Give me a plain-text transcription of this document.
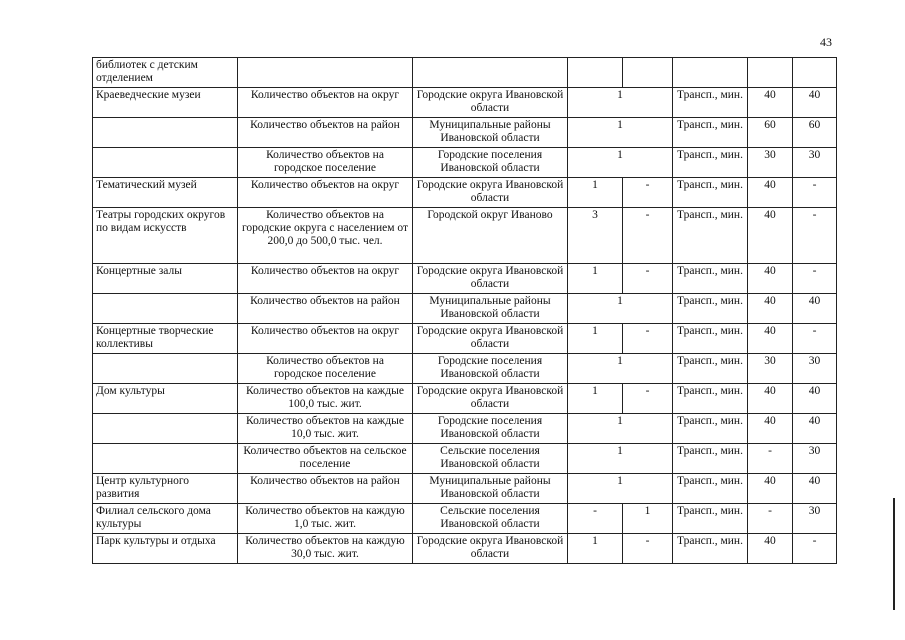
43
библиотек с детским отделением							
Краеведческие музеи	Количество объектов на округ	Городские округа Ивановской области	1		Трансп., мин.	40	40
	Количество объектов на район	Муниципальные районы Ивановской области	1		Трансп., мин.	60	60
	Количество объектов на городское поселение	Городские поселения Ивановской области	1		Трансп., мин.	30	30
Тематический музей	Количество объектов на округ	Городские округа Ивановской области	1	-	Трансп., мин.	40	-
Театры городских округов по видам искусств	Количество объектов на городские округа с населением от 200,0 до 500,0 тыс. чел.	Городской округ Иваново	3	-	Трансп., мин.	40	-
Концертные залы	Количество объектов на округ	Городские округа Ивановской области	1	-	Трансп., мин.	40	-
	Количество объектов на район	Муниципальные районы Ивановской области	1		Трансп., мин.	40	40
Концертные творческие коллективы	Количество объектов на округ	Городские округа Ивановской области	1	-	Трансп., мин.	40	-
	Количество объектов на городское поселение	Городские поселения Ивановской области	1		Трансп., мин.	30	30
Дом культуры	Количество объектов на каждые 100,0 тыс. жит.	Городские округа Ивановской области	1	-	Трансп., мин.	40	40
	Количество объектов на каждые 10,0 тыс. жит.	Городские поселения Ивановской области	1		Трансп., мин.	40	40
	Количество объектов на сельское поселение	Сельские поселения Ивановской области	1		Трансп., мин.	-	30
Центр культурного развития	Количество объектов на район	Муниципальные районы Ивановской области	1		Трансп., мин.	40	40
Филиал сельского дома культуры	Количество объектов на каждую 1,0 тыс. жит.	Сельские поселения Ивановской области	-	1	Трансп., мин.	-	30
Парк культуры и отдыха	Количество объектов на каждую 30,0 тыс. жит.	Городские округа Ивановской области	1	-	Трансп., мин.	40	-
